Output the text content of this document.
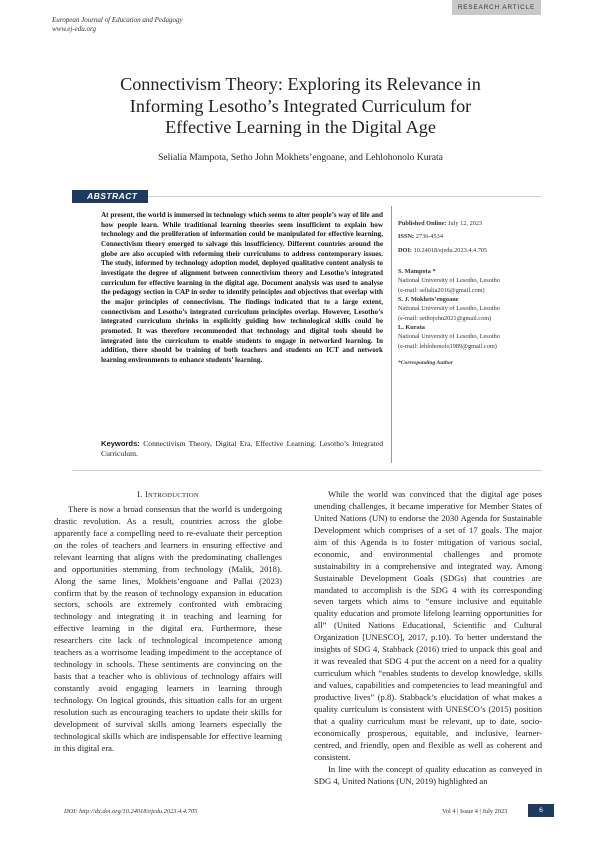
European Journal of Education and Pedagogy
www.ej-edu.org
RESEARCH ARTICLE
Connectivism Theory: Exploring its Relevance in
Informing Lesotho’s Integrated Curriculum for
Effective Learning in the Digital Age
Selialia Mampota, Setho John Mokhets’engoane, and Lehlohonolo Kurata
ABSTRACT
At present, the world is immersed in technology which seems to alter people’s way of life and how people learn. While traditional learning theories seem insufficient to explain how technology and the proliferation of information could be manipulated for effective learning, Connectivism theory emerged to salvage this insufficiency. Different countries around the globe are also occupied with reforming their curriculums to address contemporary issues. The study, informed by technology adoption model, deployed qualitative content analysis to investigate the degree of alignment between connectivism theory and Lesotho’s integrated curriculum for effective learning in the digital age. Document analysis was used to analyse the pedagogy section in CAP in order to identify principles and objectives that overlap with the major principles of connectivism. The findings indicated that to a large extent, connectivism and Lesotho’s integrated curriculum principles overlap. However, Lesotho’s integrated curriculum shrinks in explicitly guiding how technological skills could be promoted. It was therefore recommended that technology and digital tools should be integrated into the curriculum to enable students to engage in networked learning. In addition, there should be training of both teachers and students on ICT and network learning environments to enhance students’ learning.
Keywords: Connectivism Theory, Digital Era, Effective Learning, Lesotho’s Integrated Curriculum.
Published Online: July 12, 2023
ISSN: 2736-4534
DOI: 10.24018/ejedu.2023.4.4.705
S. Mampota *
National University of Lesotho, Lesotho
(e-mail: selialia2016@gmail.com)
S. J. Mokhets’engoane
National University of Lesotho, Lesotho
(e-mail: sethojohn2021@gmail.com)
L. Kurata
National University of Lesotho, Lesotho
(e-mail: lehlohonolo1989@gmail.com)
*Corresponding Author
I. INTRODUCTION

There is now a broad consensus that the world is undergoing drastic revolution. As a result, countries across the globe apparently face a compelling need to re-evaluate their perception on the roles of teachers and learners in ensuring effective and relevant learning that aligns with the predominating challenges and opportunities stemming from technology (Malik, 2018). Along the same lines, Mokhets’engoane and Pallai (2023) confirm that by the reason of technology expansion in education sectors, schools are extremely confronted with embracing technology and integrating it in teaching and learning for effective learning in the digital era. Furthermore, these researchers cite lack of technological incompetence among teachers as a worrisome leading impediment to the acceptance of technology in schools. These sentiments are convincing on the basis that a teacher who is oblivious of technology affairs will constantly avoid engaging learners in learning through technology. On logical grounds, this situation calls for an urgent resolution such as encouraging teachers to update their skills for development of survival skills among learners especially the technological skills which are indispensable for effective learning in this digital era.

While the world was convinced that the digital age poses unending challenges, it became imperative for Member States of United Nations (UN) to endorse the 2030 Agenda for Sustainable Development which comprises of a set of 17 goals. The major aim of this Agenda is to foster mitigation of various social, economic, and environmental challenges and promote sustainability in a comprehensive and integrated way. Among Sustainable Development Goals (SDGs) that countries are mandated to accomplish is the SDG 4 with its corresponding seven targets which aims to “ensure inclusive and equitable quality education and promote lifelong learning opportunities for all” (United Nations Educational, Scientific and Cultural Organization [UNESCO], 2017, p.10). To better understand the insights of SDG 4, Stabback (2016) tried to unpack this goal and it was revealed that SDG 4 put the accent on a need for a quality curriculum which “enables students to develop knowledge, skills and values, capabilities and competencies to lead meaningful and productive lives” (p.8). Stabback’s elucidation of what makes a quality curriculum is consistent with UNESCO’s (2015) position that a quality curriculum must be relevant, up to date, socio-economically prosperous, equitable, and inclusive, learner-centred, and friendly, open and flexible as well as coherent and consistent.

In line with the concept of quality education as conveyed in SDG 4, United Nations (UN, 2019) highlighted an

DOI: http://dx.doi.org/10.24018/ejedu.2023.4.4.705	Vol 4 | Issue 4 | July 2023	6
